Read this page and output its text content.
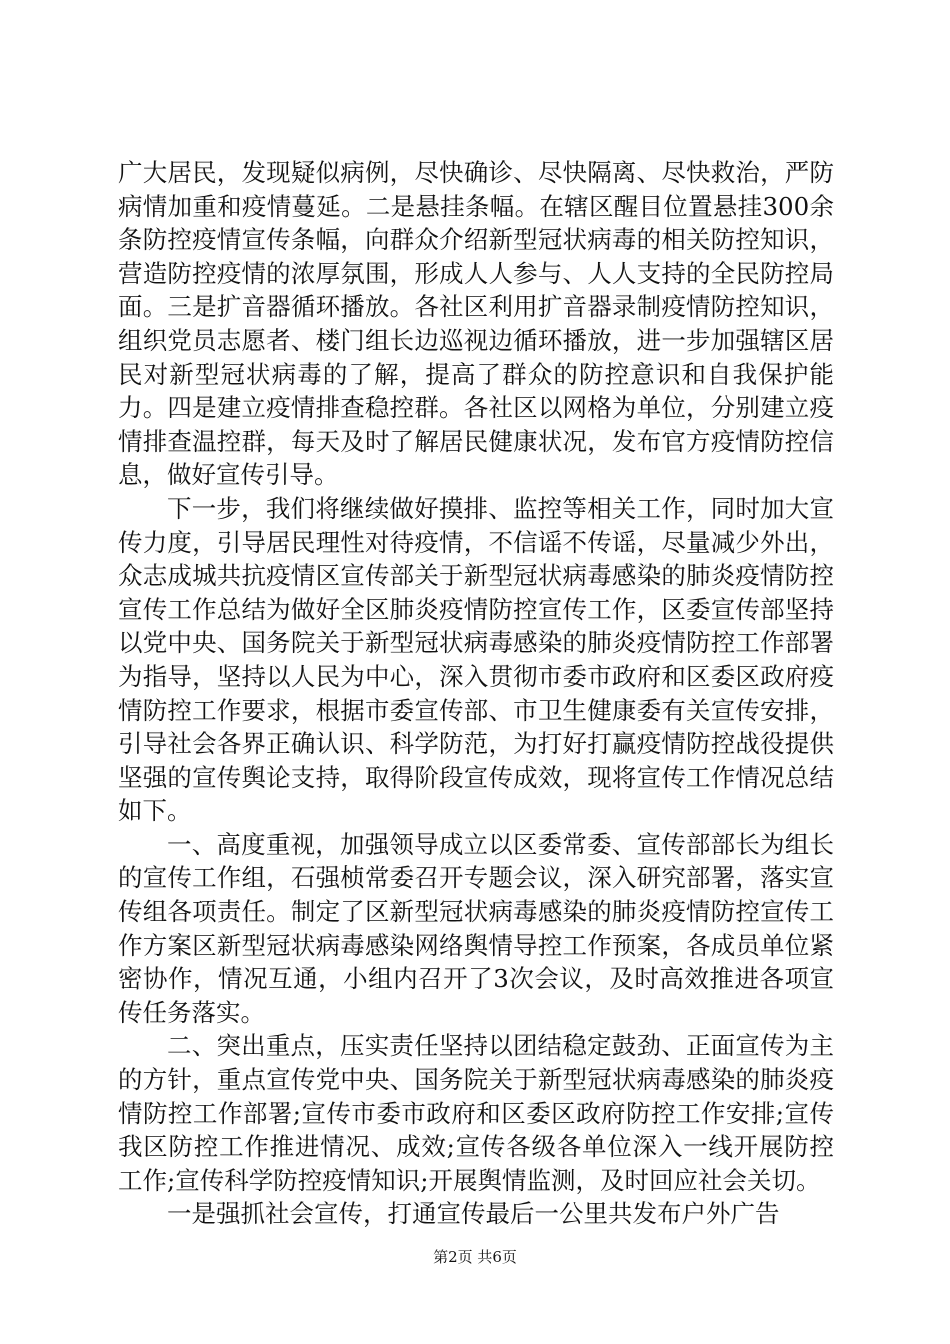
广大居民，发现疑似病例，尽快确诊、尽快隔离、尽快救治，严防病情加重和疫情蔓延。二是悬挂条幅。在辖区醒目位置悬挂300余条防控疫情宣传条幅，向群众介绍新型冠状病毒的相关防控知识，营造防控疫情的浓厚氛围，形成人人参与、人人支持的全民防控局面。三是扩音器循环播放。各社区利用扩音器录制疫情防控知识，组织党员志愿者、楼门组长边巡视边循环播放，进一步加强辖区居民对新型冠状病毒的了解，提高了群众的防控意识和自我保护能力。四是建立疫情排查稳控群。各社区以网格为单位，分别建立疫情排查温控群，每天及时了解居民健康状况，发布官方疫情防控信息，做好宣传引导。

下一步，我们将继续做好摸排、监控等相关工作，同时加大宣传力度，引导居民理性对待疫情，不信谣不传谣，尽量减少外出，众志成城共抗疫情区宣传部关于新型冠状病毒感染的肺炎疫情防控宣传工作总结为做好全区肺炎疫情防控宣传工作，区委宣传部坚持以党中央、国务院关于新型冠状病毒感染的肺炎疫情防控工作部署为指导，坚持以人民为中心，深入贯彻市委市政府和区委区政府疫情防控工作要求，根据市委宣传部、市卫生健康委有关宣传安排，引导社会各界正确认识、科学防范，为打好打赢疫情防控战役提供坚强的宣传舆论支持，取得阶段宣传成效，现将宣传工作情况总结如下。

一、高度重视，加强领导成立以区委常委、宣传部部长为组长的宣传工作组，石强桢常委召开专题会议，深入研究部署，落实宣传组各项责任。制定了区新型冠状病毒感染的肺炎疫情防控宣传工作方案区新型冠状病毒感染网络舆情导控工作预案，各成员单位紧密协作，情况互通，小组内召开了3次会议，及时高效推进各项宣传任务落实。

二、突出重点，压实责任坚持以团结稳定鼓劲、正面宣传为主的方针，重点宣传党中央、国务院关于新型冠状病毒感染的肺炎疫情防控工作部署;宣传市委市政府和区委区政府防控工作安排;宣传我区防控工作推进情况、成效;宣传各级各单位深入一线开展防控工作;宣传科学防控疫情知识;开展舆情监测，及时回应社会关切。

一是强抓社会宣传，打通宣传最后一公里共发布户外广告

第2页 共6页
